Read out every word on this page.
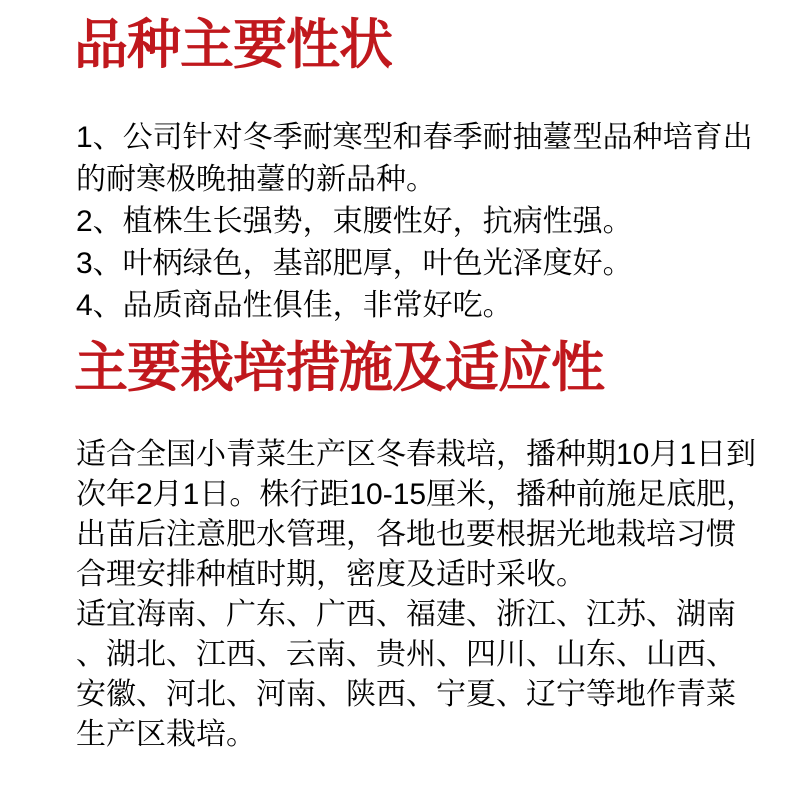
品种主要性状
1、公司针对冬季耐寒型和春季耐抽薹型品种培育出
的耐寒极晚抽薹的新品种。
2、植株生长强势，束腰性好，抗病性强。
3、叶柄绿色，基部肥厚，叶色光泽度好。
4、品质商品性俱佳，非常好吃。
主要栽培措施及适应性
适合全国小青菜生产区冬春栽培，播种期10月1日到
次年2月1日。株行距10-15厘米，播种前施足底肥，
出苗后注意肥水管理，各地也要根据光地栽培习惯
合理安排种植时期，密度及适时采收。
适宜海南、广东、广西、福建、浙江、江苏、湖南
、湖北、江西、云南、贵州、四川、山东、山西、
安徽、河北、河南、陕西、宁夏、辽宁等地作青菜
生产区栽培。
